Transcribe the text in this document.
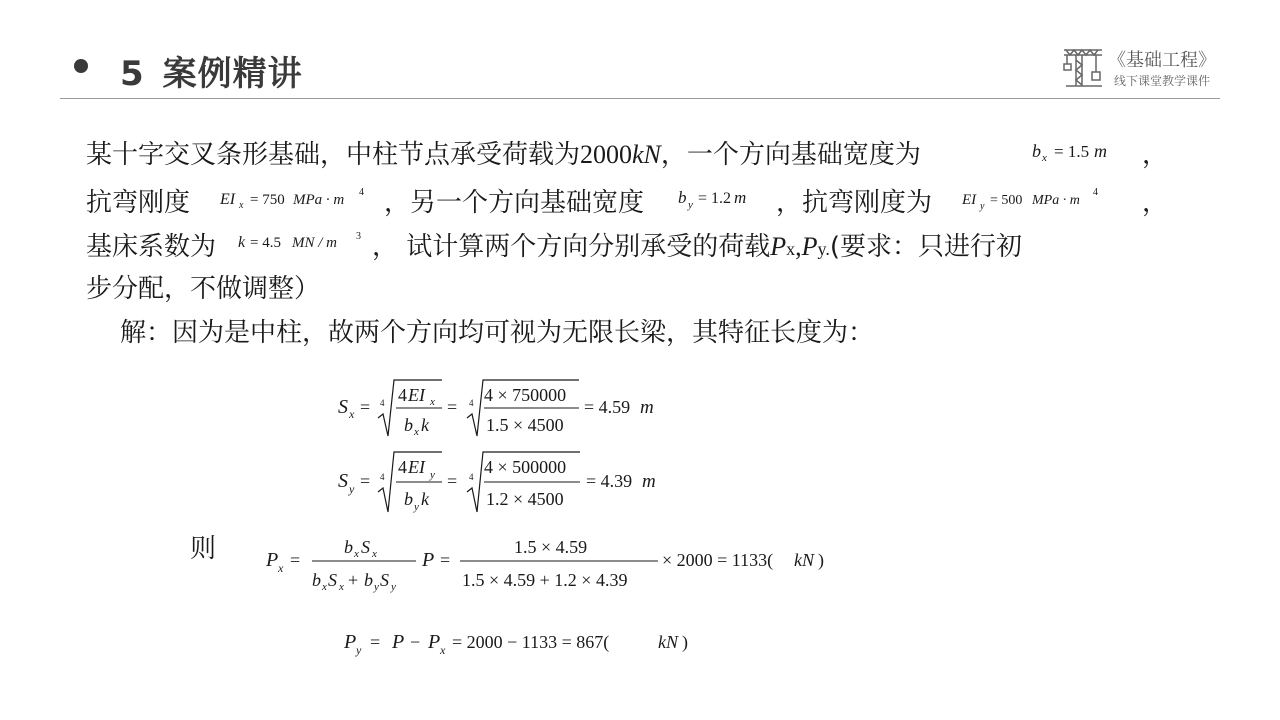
5 案例精讲	《基础工程》
线下课堂教学课件
某十字交叉条形基础，中柱节点承受荷载为2000kN，一个方向基础宽度为	b x = 1.5 m ，
抗弯刚度 EI x = 750 MPa · m 4 ，另一个方向基础宽度 b y = 1.2 m ，抗弯刚度为 EI y = 500 MPa · m
4 ，
基床系数为 k = 4.5 MN / m 3 ， 试计算两个方向分别承受的荷载Px,Py.(要求：只进行初
步分配，不做调整）
解：因为是中柱，故两个方向均可视为无限长梁，其特征长度为：
S x = 4 4 EI x
b x k
= 4 4 × 750000
1.5 × 4500
= 4.59 m
S y = 4 4 EI y
b y k
= 4 4 × 500000
1.2 × 4500
= 4.39 m
则 P x =
b x S x
b x S x + b y S y
P =
1.5 × 4.59
1.5 × 4.59 + 1.2 × 4.39
× 2000 = 1133( kN )
P y = P − P x = 2000 − 1133 = 867(	kN )
